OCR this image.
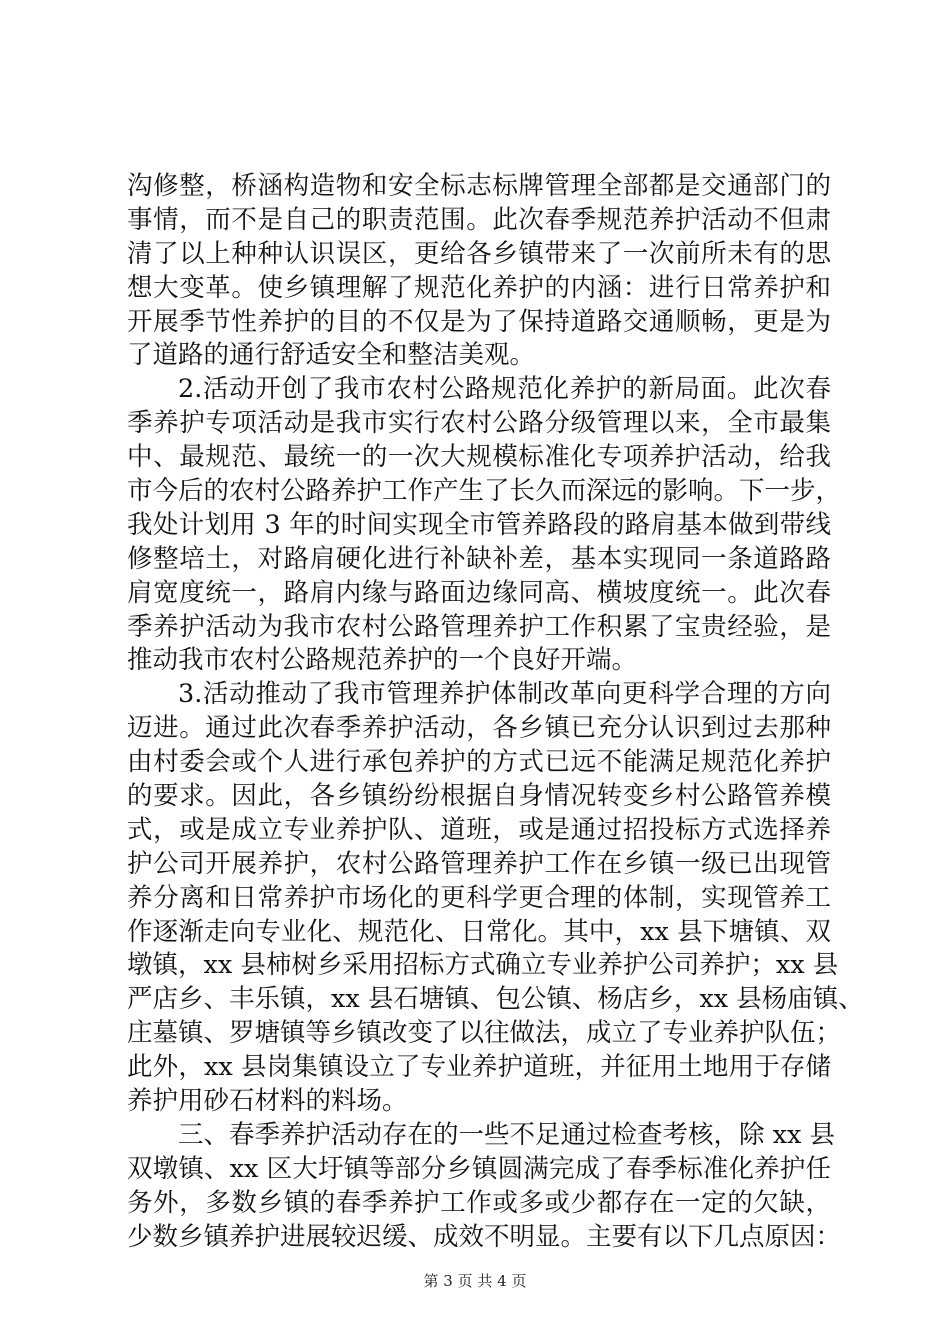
沟修整，桥涵构造物和安全标志标牌管理全部都是交通部门的
事情，而不是自己的职责范围。此次春季规范养护活动不但肃
清了以上种种认识误区，更给各乡镇带来了一次前所未有的思
想大变革。使乡镇理解了规范化养护的内涵：进行日常养护和
开展季节性养护的目的不仅是为了保持道路交通顺畅，更是为
了道路的通行舒适安全和整洁美观。
2.活动开创了我市农村公路规范化养护的新局面。此次春
季养护专项活动是我市实行农村公路分级管理以来，全市最集
中、最规范、最统一的一次大规模标准化专项养护活动，给我
市今后的农村公路养护工作产生了长久而深远的影响。下一步，
我处计划用 3 年的时间实现全市管养路段的路肩基本做到带线
修整培土，对路肩硬化进行补缺补差，基本实现同一条道路路
肩宽度统一，路肩内缘与路面边缘同高、横坡度统一。此次春
季养护活动为我市农村公路管理养护工作积累了宝贵经验，是
推动我市农村公路规范养护的一个良好开端。
3.活动推动了我市管理养护体制改革向更科学合理的方向
迈进。通过此次春季养护活动，各乡镇已充分认识到过去那种
由村委会或个人进行承包养护的方式已远不能满足规范化养护
的要求。因此，各乡镇纷纷根据自身情况转变乡村公路管养模
式，或是成立专业养护队、道班，或是通过招投标方式选择养
护公司开展养护，农村公路管理养护工作在乡镇一级已出现管
养分离和日常养护市场化的更科学更合理的体制，实现管养工
作逐渐走向专业化、规范化、日常化。其中，xx 县下塘镇、双
墩镇，xx 县柿树乡采用招标方式确立专业养护公司养护；xx 县
严店乡、丰乐镇，xx 县石塘镇、包公镇、杨店乡，xx 县杨庙镇、
庄墓镇、罗塘镇等乡镇改变了以往做法，成立了专业养护队伍；
此外，xx 县岗集镇设立了专业养护道班，并征用土地用于存储
养护用砂石材料的料场。
三、春季养护活动存在的一些不足通过检查考核，除 xx 县
双墩镇、xx 区大圩镇等部分乡镇圆满完成了春季标准化养护任
务外，多数乡镇的春季养护工作或多或少都存在一定的欠缺，
少数乡镇养护进展较迟缓、成效不明显。主要有以下几点原因：
第 3 页 共 4 页
